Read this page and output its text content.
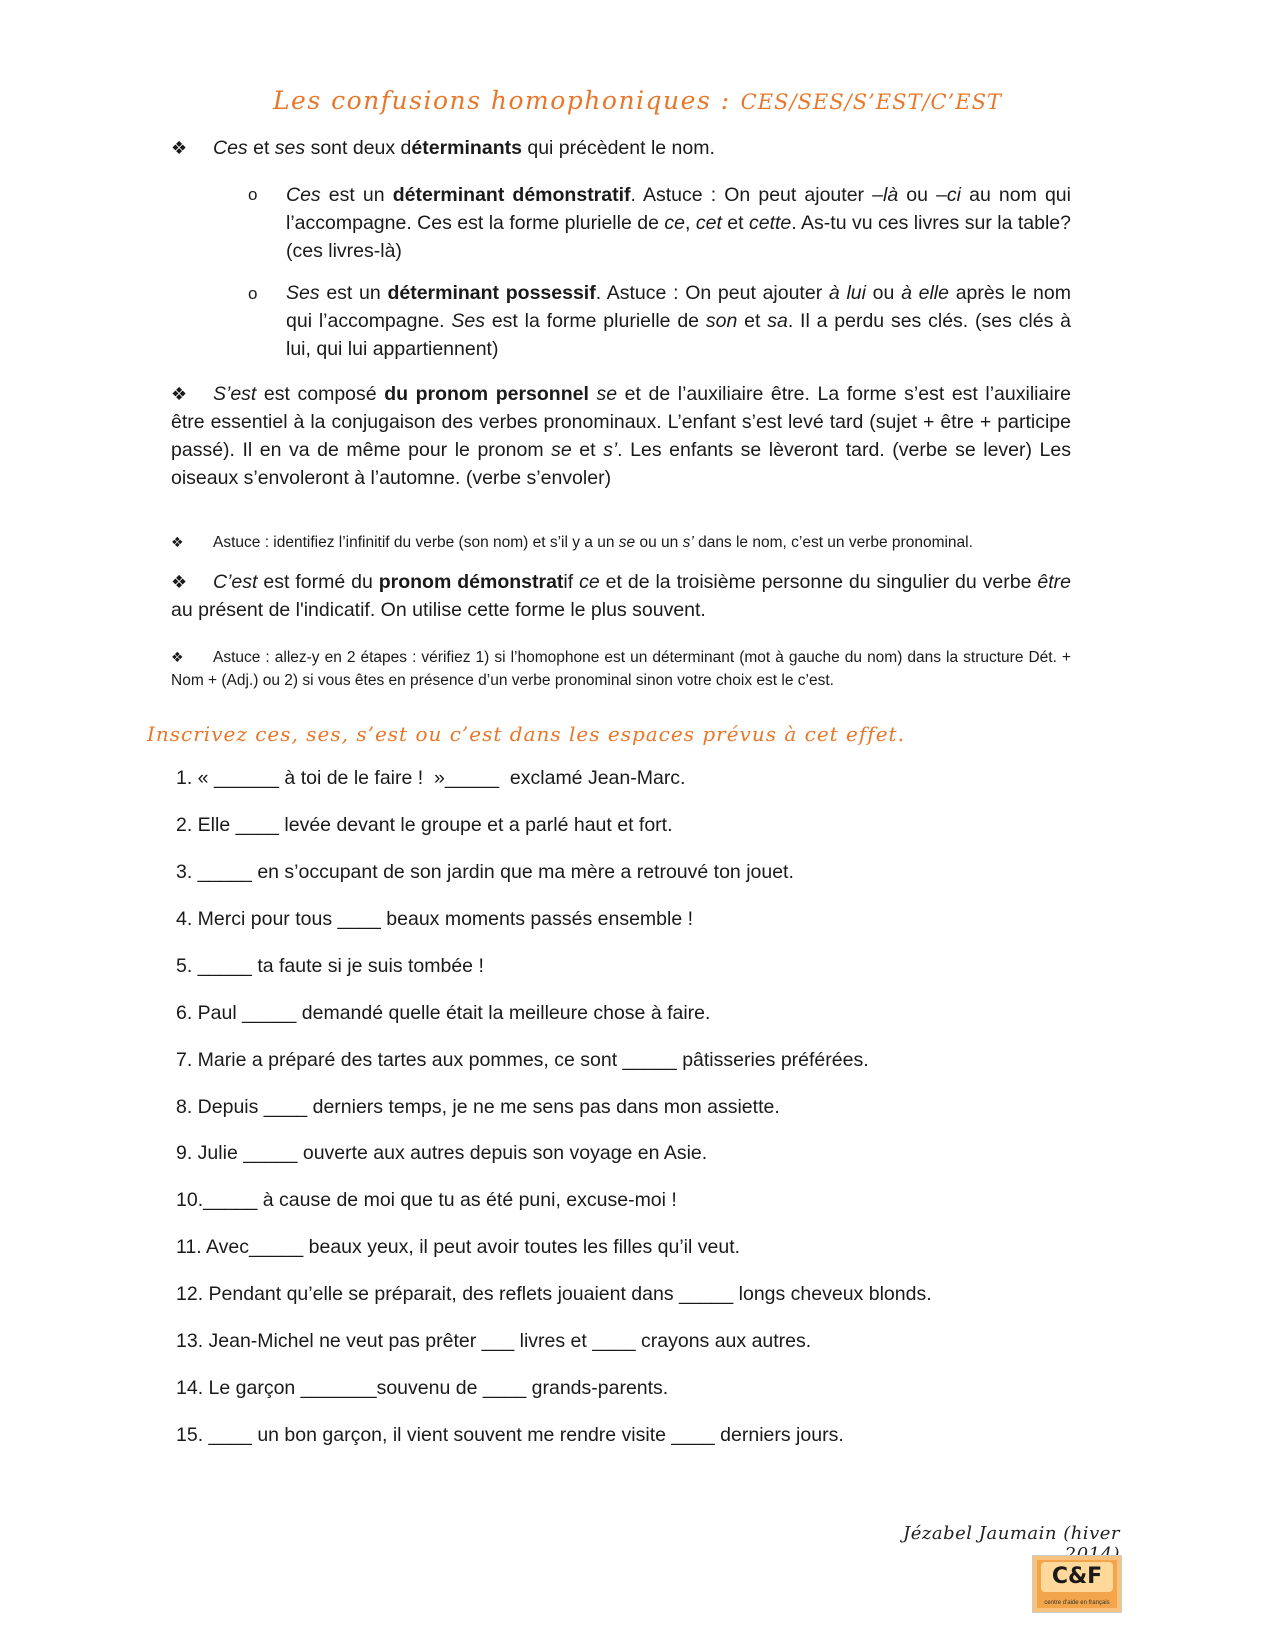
Les confusions homophoniques : CES/SES/S’EST/C’EST
❖ Ces et ses sont deux déterminants qui précèdent le nom.
o Ces est un déterminant démonstratif. Astuce : On peut ajouter –là ou –ci au nom qui l’accompagne. Ces est la forme plurielle de ce, cet et cette. As-tu vu ces livres sur la table? (ces livres-là)
o Ses est un déterminant possessif. Astuce : On peut ajouter à lui ou à elle après le nom qui l’accompagne. Ses est la forme plurielle de son et sa. Il a perdu ses clés. (ses clés à lui, qui lui appartiennent)
❖ S’est est composé du pronom personnel se et de l’auxiliaire être. La forme s’est est l’auxiliaire être essentiel à la conjugaison des verbes pronominaux. L’enfant s’est levé tard (sujet + être + participe passé). Il en va de même pour le pronom se et s’. Les enfants se lèveront tard. (verbe se lever) Les oiseaux s’envoleront à l’automne. (verbe s’envoler)
❖ Astuce : identifiez l’infinitif du verbe (son nom) et s’il y a un se ou un s’ dans le nom, c’est un verbe pronominal.
❖ C’est est formé du pronom démonstratif ce et de la troisième personne du singulier du verbe être au présent de l'indicatif. On utilise cette forme le plus souvent.
❖ Astuce : allez-y en 2 étapes : vérifiez 1) si l’homophone est un déterminant (mot à gauche du nom) dans la structure Dét. + Nom + (Adj.) ou 2) si vous êtes en présence d’un verbe pronominal sinon votre choix est le c’est.
Inscrivez ces, ses, s’est ou c’est dans les espaces prévus à cet effet.
1. « ______ à toi de le faire !  »_____  exclamé Jean-Marc.
2. Elle ____ levée devant le groupe et a parlé haut et fort.
3. _____ en s’occupant de son jardin que ma mère a retrouvé ton jouet.
4. Merci pour tous ____ beaux moments passés ensemble !
5. _____ ta faute si je suis tombée !
6. Paul _____ demandé quelle était la meilleure chose à faire.
7. Marie a préparé des tartes aux pommes, ce sont _____ pâtisseries préférées.
8. Depuis ____ derniers temps, je ne me sens pas dans mon assiette.
9. Julie _____ ouverte aux autres depuis son voyage en Asie.
10._____ à cause de moi que tu as été puni, excuse-moi !
11. Avec_____ beaux yeux, il peut avoir toutes les filles qu’il veut.
12. Pendant qu’elle se préparait, des reflets jouaient dans _____ longs cheveux blonds.
13. Jean-Michel ne veut pas prêter ___ livres et ____ crayons aux autres.
14. Le garçon _______souvenu de ____ grands-parents.
15. ____ un bon garçon, il vient souvent me rendre visite ____ derniers jours.
Jézabel Jaumain (hiver
C&F
centre d'aide en français
